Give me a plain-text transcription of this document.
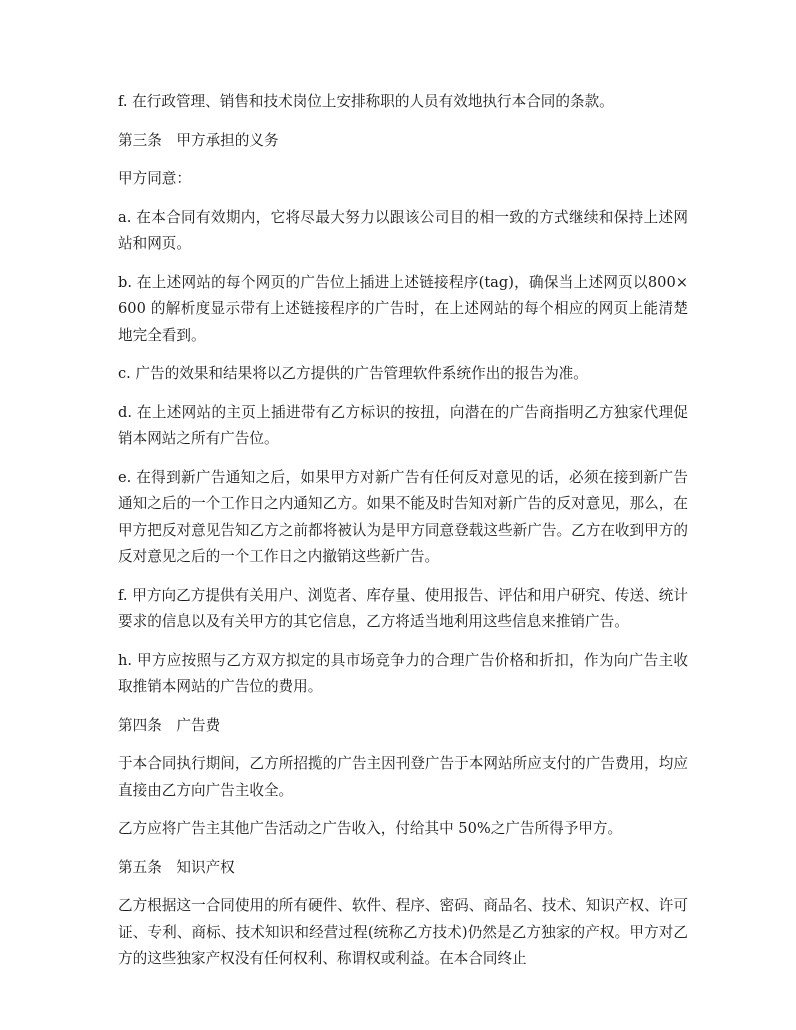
f. 在行政管理、销售和技术岗位上安排称职的人员有效地执行本合同的条款。

第三条　甲方承担的义务

甲方同意：

a. 在本合同有效期内，它将尽最大努力以跟该公司目的相一致的方式继续和保持上述网站和网页。

b. 在上述网站的每个网页的广告位上插进上述链接程序(tag)，确保当上述网页以800×600 的解析度显示带有上述链接程序的广告时，在上述网站的每个相应的网页上能清楚地完全看到。

c. 广告的效果和结果将以乙方提供的广告管理软件系统作出的报告为准。

d. 在上述网站的主页上插进带有乙方标识的按扭，向潜在的广告商指明乙方独家代理促销本网站之所有广告位。

e. 在得到新广告通知之后，如果甲方对新广告有任何反对意见的话，必须在接到新广告通知之后的一个工作日之内通知乙方。如果不能及时告知对新广告的反对意见，那么，在甲方把反对意见告知乙方之前都将被认为是甲方同意登载这些新广告。乙方在收到甲方的反对意见之后的一个工作日之内撤销这些新广告。

f. 甲方向乙方提供有关用户、浏览者、库存量、使用报告、评估和用户研究、传送、统计要求的信息以及有关甲方的其它信息，乙方将适当地利用这些信息来推销广告。

h. 甲方应按照与乙方双方拟定的具市场竞争力的合理广告价格和折扣，作为向广告主收取推销本网站的广告位的费用。

第四条　广告费

于本合同执行期间，乙方所招揽的广告主因刊登广告于本网站所应支付的广告费用，均应直接由乙方向广告主收全。

乙方应将广告主其他广告活动之广告收入，付给其中 50%之广告所得予甲方。

第五条　知识产权

乙方根据这一合同使用的所有硬件、软件、程序、密码、商品名、技术、知识产权、许可证、专利、商标、技术知识和经营过程(统称乙方技术)仍然是乙方独家的产权。甲方对乙方的这些独家产权没有任何权利、称谓权或利益。在本合同终止
